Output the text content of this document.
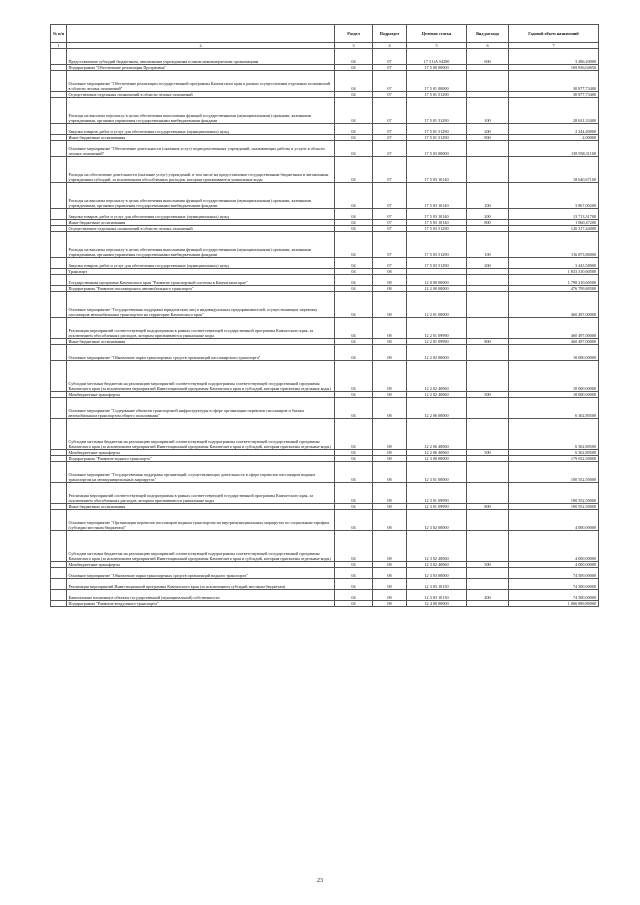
№ п/п		Раздел	Подраздел	Целевая статья	Вид расхода	Годовой объем назначений
1	2	3	4	5	6	7
	Предоставление субсидий бюджетным, автономным учреждениям и иным некоммерческим организациям	04	07	17 3 GA 54290	600	3 286,20000
	Подпрограмма "Обеспечение реализации Программы"	04	07	17 5 00 00000		169 836,04650
	Основное мероприятие "Обеспечение реализации государственной программы Камчатского края в рамках осуществления отдельных полномочий в области лесных отношений"	04	07	17 5 01 00000		30 877,73400
	Осуществление отдельных полномочий в области лесных отношений	04	07	17 5 01 51290		30 877,73400
	Расходы на выплаты персоналу в целях обеспечения выполнения функций государственными (муниципальными) органами, казенными учреждениями, органами управления государственными внебюджетными фондами	04	07	17 5 01 51290	100	28 631,33400
	Закупка товаров, работ и услуг для обеспечения государственных (муниципальных) нужд	04	07	17 5 01 51290	200	2 244,40000
	Иные бюджетные ассигнования	04	07	17 5 01 51290	800	2,00000
	Основное мероприятие "Обеспечение деятельности (оказания услуг) подведомственных учреждений, оказывающих работы и услуги в области лесных отношений"	04	07	17 5 03 00000		138 958,31100
	Расходы на обеспечение деятельности (оказание услуг) учреждений, в том числе на предоставление государственным бюджетным и автономным учреждениям субсидий, за исключением обособленных расходов, которым присваиваются уникальные коды	04	07	17 5 03 10140		18 640,67100
	Расходы на выплаты персоналу в целях обеспечения выполнения функций государственными (муниципальными) органами, казенными учреждениями, органами управления государственными внебюджетными фондами	04	07	17 5 03 10140	100	3 867,00200
	Закупка товаров, работ и услуг для обеспечения государственных (муниципальных) нужд	04	07	17 5 03 10140	200	13 713,31700
	Иные бюджетные ассигнования	04	07	17 5 03 10140	800	1 060,47200
	Осуществление отдельных полномочий в области лесных отношений	04	07	17 5 03 51290		120 317,44000
	Расходы на выплаты персоналу в целях обеспечения выполнения функций государственными (муниципальными) органами, казенными учреждениями, органами управления государственными внебюджетными фондами	04	07	17 5 03 51290	100	116 873,86000
	Закупка товаров, работ и услуг для обеспечения государственных (муниципальных) нужд	04	07	17 5 03 51290	200	3 443,58000
	Транспорт	04	08			1 833 310,60500
	Государственная программа Камчатского края "Развитие транспортной системы в Камчатском крае"	04	08	12 0 00 00000		1 798 210,60500
	Подпрограмма "Развитие пассажирского автомобильного транспорта"	04	08	12 2 00 00000		476 799,80500
	Основное мероприятие "Государственная поддержка юридических лиц и индивидуальных предпринимателей, осуществляющих перевозку пассажиров автомобильным транспортом на территории Камчатского края"	04	08	12 2 01 00000		460 497,00000
	Реализация мероприятий соответствующей подпрограммы в рамках соответствующей государственной программы Камчатского края, за исключением обособленных расходов, которым присваиваются уникальные коды	04	08	12 2 01 09990		460 497,00000
	Иные бюджетные ассигнования	04	08	12 2 01 09990	800	460 497,00000
	Основное мероприятие "Обновление парка транспортных средств организаций пассажирского транспорта"	04	08	12 2 02 00000		10 000,00000
	Субсидии местным бюджетам на реализацию мероприятий соответствующей подпрограммы соответствующей государственной программы Камчатского края (за исключением мероприятий Инвестиционной программы Камчатского края и субсидий, которым присвоены отдельные коды)	04	08	12 2 02 40060		10 000,00000
	Межбюджетные трансферты	04	08	12 2 02 40060	500	10 000,00000
	Основное мероприятие "Содержание объектов транспортной инфраструктуры в сфере организации перевозок пассажиров и багажа автомобильным транспортом общего пользования"	04	08	12 2 06 00000		6 302,80500
	Субсидии местным бюджетам на реализацию мероприятий соответствующей подпрограммы соответствующей государственной программы Камчатского края (за исключением мероприятий Инвестиционной программы Камчатского края и субсидий, которым присвоены отдельные коды)	04	08	12 2 06 40060		6 302,80500
	Межбюджетные трансферты	04	08	12 2 06 40060	500	6 302,80500
	Подпрограмма "Развитие водного транспорта"	04	08	12 3 00 00000		179 052,50000
	Основное мероприятие "Государственная поддержка организаций, осуществляющих деятельность в сфере перевозок пассажиров водным транспортом на межмуниципальных маршрутах"	04	08	12 3 01 00000		100 552,50000
	Реализация мероприятий соответствующей подпрограммы в рамках соответствующей государственной программы Камчатского края, за исключением обособленных расходов, которым присваиваются уникальные коды	04	08	12 3 01 09990		100 552,50000
	Иные бюджетные ассигнования	04	08	12 3 01 09990	800	100 552,50000
	Основное мероприятие "Организация перевозок пассажиров водным транспортом на внутримуниципальных маршрутах по социальным тарифам (субсидии местным бюджетам)"	04	08	12 3 02 00000		4 000,00000
	Субсидии местным бюджетам на реализацию мероприятий соответствующей подпрограммы соответствующей государственной программы Камчатского края (за исключением мероприятий Инвестиционной программы Камчатского края и субсидий, которым присвоены отдельные коды)	04	08	12 3 02 40060		4 000,00000
	Межбюджетные трансферты	04	08	12 3 02 40060	500	4 000,00000
	Основное мероприятие "Обновление парка транспортных средств организаций водного транспорта"	04	08	12 3 03 00000		74 500,00000
	Реализация мероприятий Инвестиционной программы Камчатского края (за исключением субсидий местным бюджетам)	04	08	12 3 03 10130		74 500,00000
	Капитальные вложения в объекты государственной (муниципальной) собственности	04	08	12 3 03 10130	400	74 500,00000
	Подпрограмма "Развитие воздушного транспорта"	04	08	12 4 00 00000		1 066 889,80000
23
